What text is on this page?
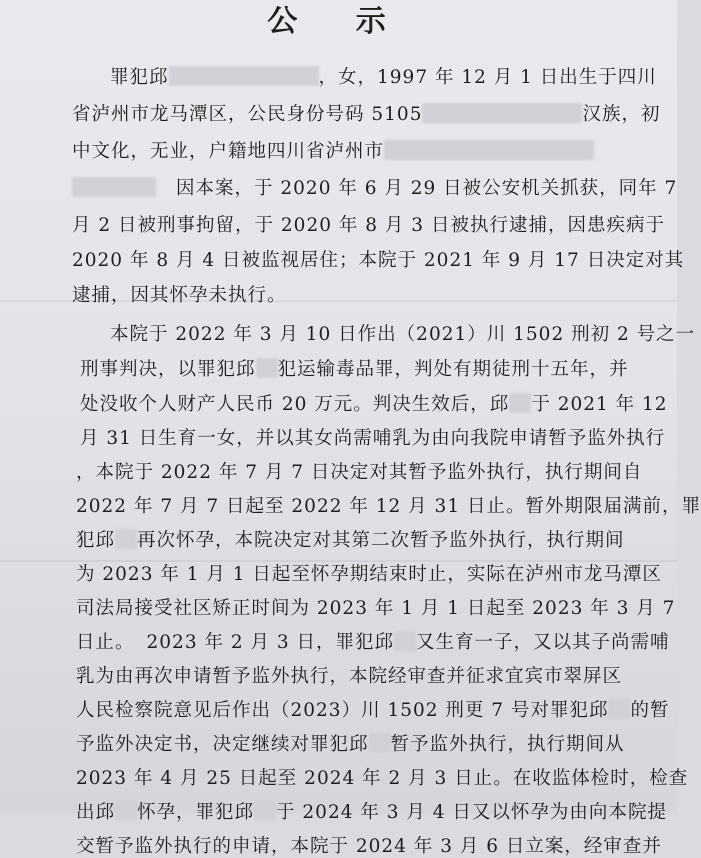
公 示
罪犯邱	，女，1997 年 12 月 1 日出生于四川
省泸州市龙马潭区，公民身份号码 5105	汉族，初
中文化，无业，户籍地四川省泸州市
因本案，于 2020 年 6 月 29 日被公安机关抓获，同年 7
月 2 日被刑事拘留，于 2020 年 8 月 3 日被执行逮捕，因患疾病于
2020 年 8 月 4 日被监视居住；本院于 2021 年 9 月 17 日决定对其
逮捕，因其怀孕未执行。
本院于 2022 年 3 月 10 日作出（2021）川 1502 刑初 2 号之一
刑事判决，以罪犯邱 犯运输毒品罪，判处有期徒刑十五年，并
处没收个人财产人民币 20 万元。判决生效后，邱 于 2021 年 12
月 31 日生育一女，并以其女尚需哺乳为由向我院申请暂予监外执行
，本院于 2022 年 7 月 7 日决定对其暂予监外执行，执行期间自
2022 年 7 月 7 日起至 2022 年 12 月 31 日止。暂外期限届满前，罪
犯邱 再次怀孕，本院决定对其第二次暂予监外执行，执行期间
为 2023 年 1 月 1 日起至怀孕期结束时止，实际在泸州市龙马潭区
司法局接受社区矫正时间为 2023 年 1 月 1 日起至 2023 年 3 月 7
日止。 2023 年 2 月 3 日，罪犯邱 又生育一子，又以其子尚需哺
乳为由再次申请暂予监外执行，本院经审查并征求宜宾市翠屏区
人民检察院意见后作出（2023）川 1502 刑更 7 号对罪犯邱 的暂
予监外决定书，决定继续对罪犯邱 暂予监外执行，执行期间从
2023 年 4 月 25 日起至 2024 年 2 月 3 日止。在收监体检时，检查
出邱 怀孕，罪犯邱 于 2024 年 3 月 4 日又以怀孕为由向本院提
交暂予监外执行的申请，本院于 2024 年 3 月 6 日立案，经审查并
